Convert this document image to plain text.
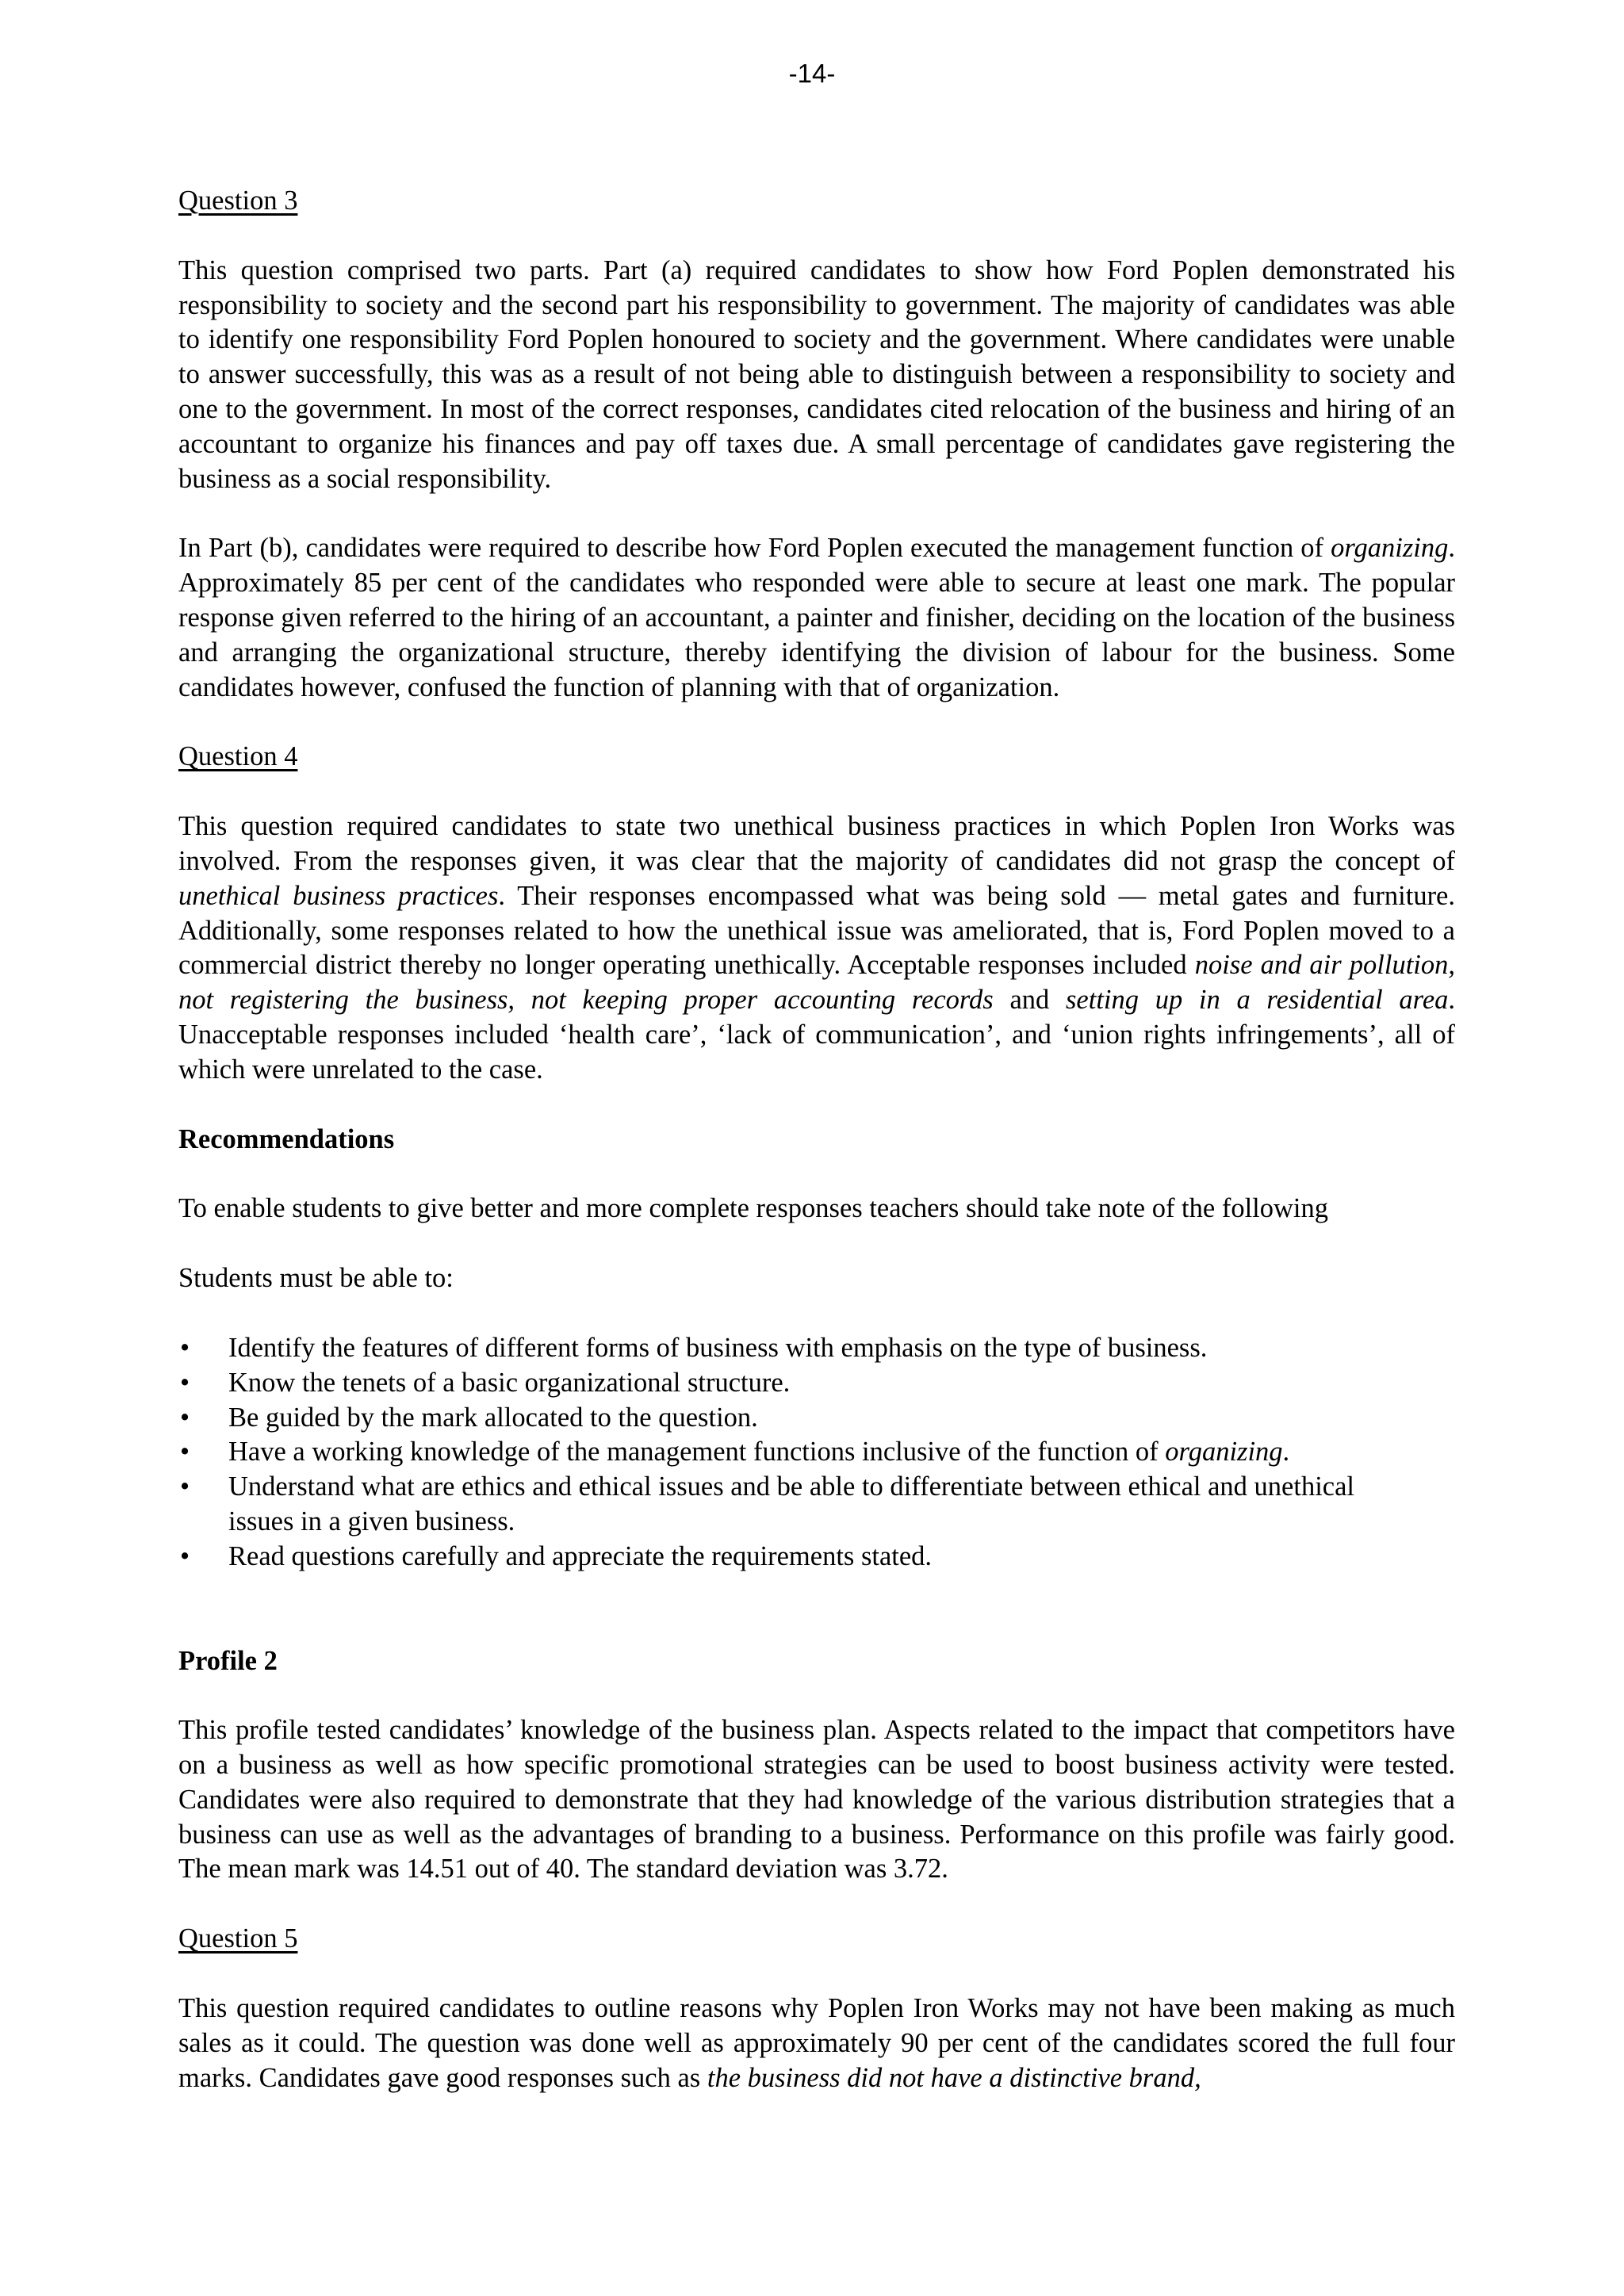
-14-

Question 3

This question comprised two parts. Part (a) required candidates to show how Ford Poplen demonstrated his responsibility to society and the second part his responsibility to government. The majority of candidates was able to identify one responsibility Ford Poplen honoured to society and the government. Where candidates were unable to answer successfully, this was as a result of not being able to distinguish between a responsibility to society and one to the government. In most of the correct responses, candidates cited relocation of the business and hiring of an accountant to organize his finances and pay off taxes due. A small percentage of candidates gave registering the business as a social responsibility.

In Part (b), candidates were required to describe how Ford Poplen executed the management function of organizing. Approximately 85 per cent of the candidates who responded were able to secure at least one mark. The popular response given referred to the hiring of an accountant, a painter and finisher, deciding on the location of the business and arranging the organizational structure, thereby identifying the division of labour for the business. Some candidates however, confused the function of planning with that of organization.

Question 4

This question required candidates to state two unethical business practices in which Poplen Iron Works was involved. From the responses given, it was clear that the majority of candidates did not grasp the concept of unethical business practices. Their responses encompassed what was being sold — metal gates and furniture. Additionally, some responses related to how the unethical issue was ameliorated, that is, Ford Poplen moved to a commercial district thereby no longer operating unethically. Acceptable responses included noise and air pollution, not registering the business, not keeping proper accounting records and setting up in a residential area. Unacceptable responses included ‘health care’, ‘lack of communication’, and ‘union rights infringements’, all of which were unrelated to the case.

Recommendations

To enable students to give better and more complete responses teachers should take note of the following

Students must be able to:

• Identify the features of different forms of business with emphasis on the type of business.
• Know the tenets of a basic organizational structure.
• Be guided by the mark allocated to the question.
• Have a working knowledge of the management functions inclusive of the function of organizing.
• Understand what are ethics and ethical issues and be able to differentiate between ethical and unethical issues in a given business.
• Read questions carefully and appreciate the requirements stated.

Profile 2

This profile tested candidates’ knowledge of the business plan. Aspects related to the impact that competitors have on a business as well as how specific promotional strategies can be used to boost business activity were tested. Candidates were also required to demonstrate that they had knowledge of the various distribution strategies that a business can use as well as the advantages of branding to a business. Performance on this profile was fairly good. The mean mark was 14.51 out of 40. The standard deviation was 3.72.

Question 5

This question required candidates to outline reasons why Poplen Iron Works may not have been making as much sales as it could. The question was done well as approximately 90 per cent of the candidates scored the full four marks. Candidates gave good responses such as the business did not have a distinctive brand,
